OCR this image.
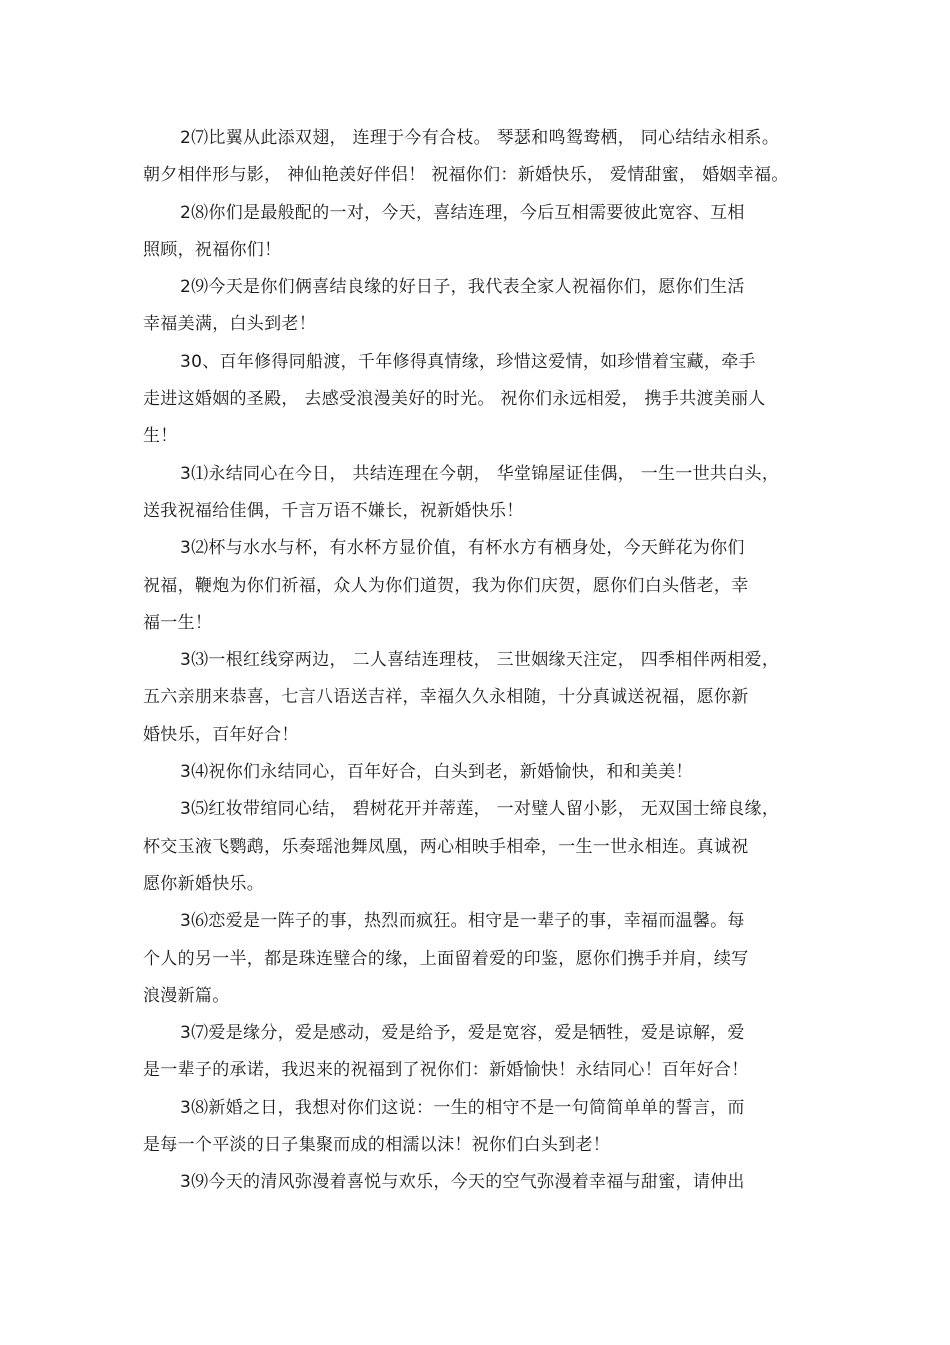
2⑺比翼从此添双翅， 连理于今有合枝。 琴瑟和鸣鸳鸯栖， 同心结结永相系。
朝夕相伴形与影， 神仙艳羡好伴侣！ 祝福你们：新婚快乐， 爱情甜蜜， 婚姻幸福。
2⑻你们是最般配的一对，今天，喜结连理，今后互相需要彼此宽容、互相
照顾，祝福你们！
2⑼今天是你们俩喜结良缘的好日子，我代表全家人祝福你们，愿你们生活
幸福美满，白头到老！
30、百年修得同船渡，千年修得真情缘，珍惜这爱情，如珍惜着宝藏，牵手
走进这婚姻的圣殿， 去感受浪漫美好的时光。 祝你们永远相爱， 携手共渡美丽人
生！
3⑴永结同心在今日， 共结连理在今朝， 华堂锦屋证佳偶， 一生一世共白头，
送我祝福给佳偶，千言万语不嫌长，祝新婚快乐！
3⑵杯与水水与杯，有水杯方显价值，有杯水方有栖身处，今天鲜花为你们
祝福，鞭炮为你们祈福，众人为你们道贺，我为你们庆贺，愿你们白头偕老，幸
福一生！
3⑶一根红线穿两边， 二人喜结连理枝， 三世姻缘天注定， 四季相伴两相爱，
五六亲朋来恭喜，七言八语送吉祥，幸福久久永相随，十分真诚送祝福，愿你新
婚快乐，百年好合！
3⑷祝你们永结同心，百年好合，白头到老，新婚愉快，和和美美！
3⑸红妆带绾同心结， 碧树花开并蒂莲， 一对璧人留小影， 无双国士缔良缘，
杯交玉液飞鹦鹉，乐奏瑶池舞凤凰，两心相映手相牵，一生一世永相连。真诚祝
愿你新婚快乐。
3⑹恋爱是一阵子的事，热烈而疯狂。相守是一辈子的事，幸福而温馨。每
个人的另一半，都是珠连璧合的缘，上面留着爱的印鉴，愿你们携手并肩，续写
浪漫新篇。
3⑺爱是缘分，爱是感动，爱是给予，爱是宽容，爱是牺牲，爱是谅解，爱
是一辈子的承诺，我迟来的祝福到了祝你们：新婚愉快！永结同心！百年好合！
3⑻新婚之日，我想对你们这说：一生的相守不是一句简简单单的誓言，而
是每一个平淡的日子集聚而成的相濡以沫！祝你们白头到老！
3⑼今天的清风弥漫着喜悦与欢乐，今天的空气弥漫着幸福与甜蜜，请伸出
